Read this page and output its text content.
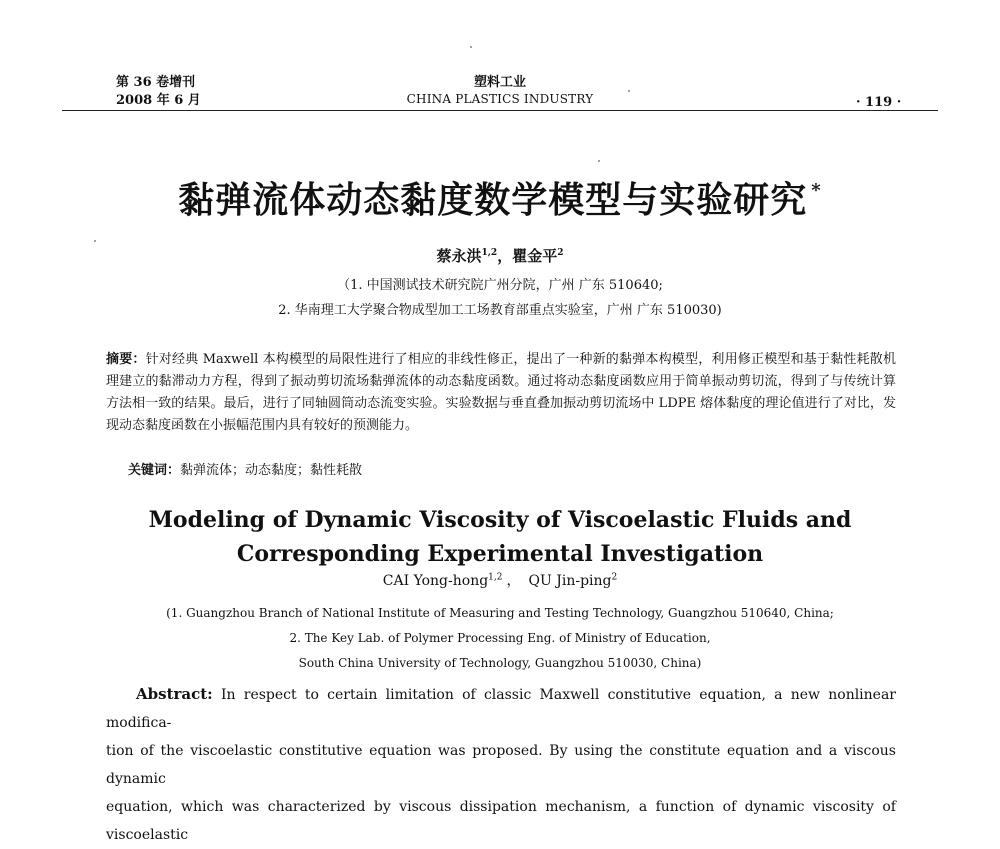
第 36 卷增刊
2008 年 6 月
塑料工业
CHINA PLASTICS INDUSTRY	· 119 ·
黏弹流体动态黏度数学模型与实验研究 *
蔡永洪$^{1,2}$，瞿金平$^2$
（1. 中国测试技术研究院广州分院，广州 广东 510640;
2. 华南理工大学聚合物成型加工工场教育部重点实验室，广州 广东 510030)
摘要：针对经典 Maxwell 本构模型的局限性进行了相应的非线性修正，提出了一种新的黏弹本构模型，利用修正模型和基于黏性耗散机理建立的黏滞动力方程，得到了振动剪切流场黏弹流体的动态黏度函数。通过将动态黏度函数应用于简单振动剪切流，得到了与传统计算方法相一致的结果。最后，进行了同轴圆筒动态流变实验。实验数据与垂直叠加振动剪切流场中 LDPE 熔体黏度的理论值进行了对比，发现动态黏度函数在小振幅范围内具有较好的预测能力。
关键词：黏弹流体；动态黏度；黏性耗散
Modeling of Dynamic Viscosity of Viscoelastic Fluids and
Corresponding Experimental Investigation
CAI Yong-hong$^{1,2}$ ， QU Jin-ping$^2$
(1. Guangzhou Branch of National Institute of Measuring and Testing Technology, Guangzhou 510640, China;
2. The Key Lab. of Polymer Processing Eng. of Ministry of Education,
South China University of Technology, Guangzhou 510030, China)
Abstract: In respect to certain limitation of classic Maxwell constitutive equation, a new nonlinear modifica-
tion of the viscoelastic constitutive equation was proposed. By using the constitute equation and a viscous dynamic
equation, which was characterized by viscous dissipation mechanism, a function of dynamic viscosity of viscoelastic
